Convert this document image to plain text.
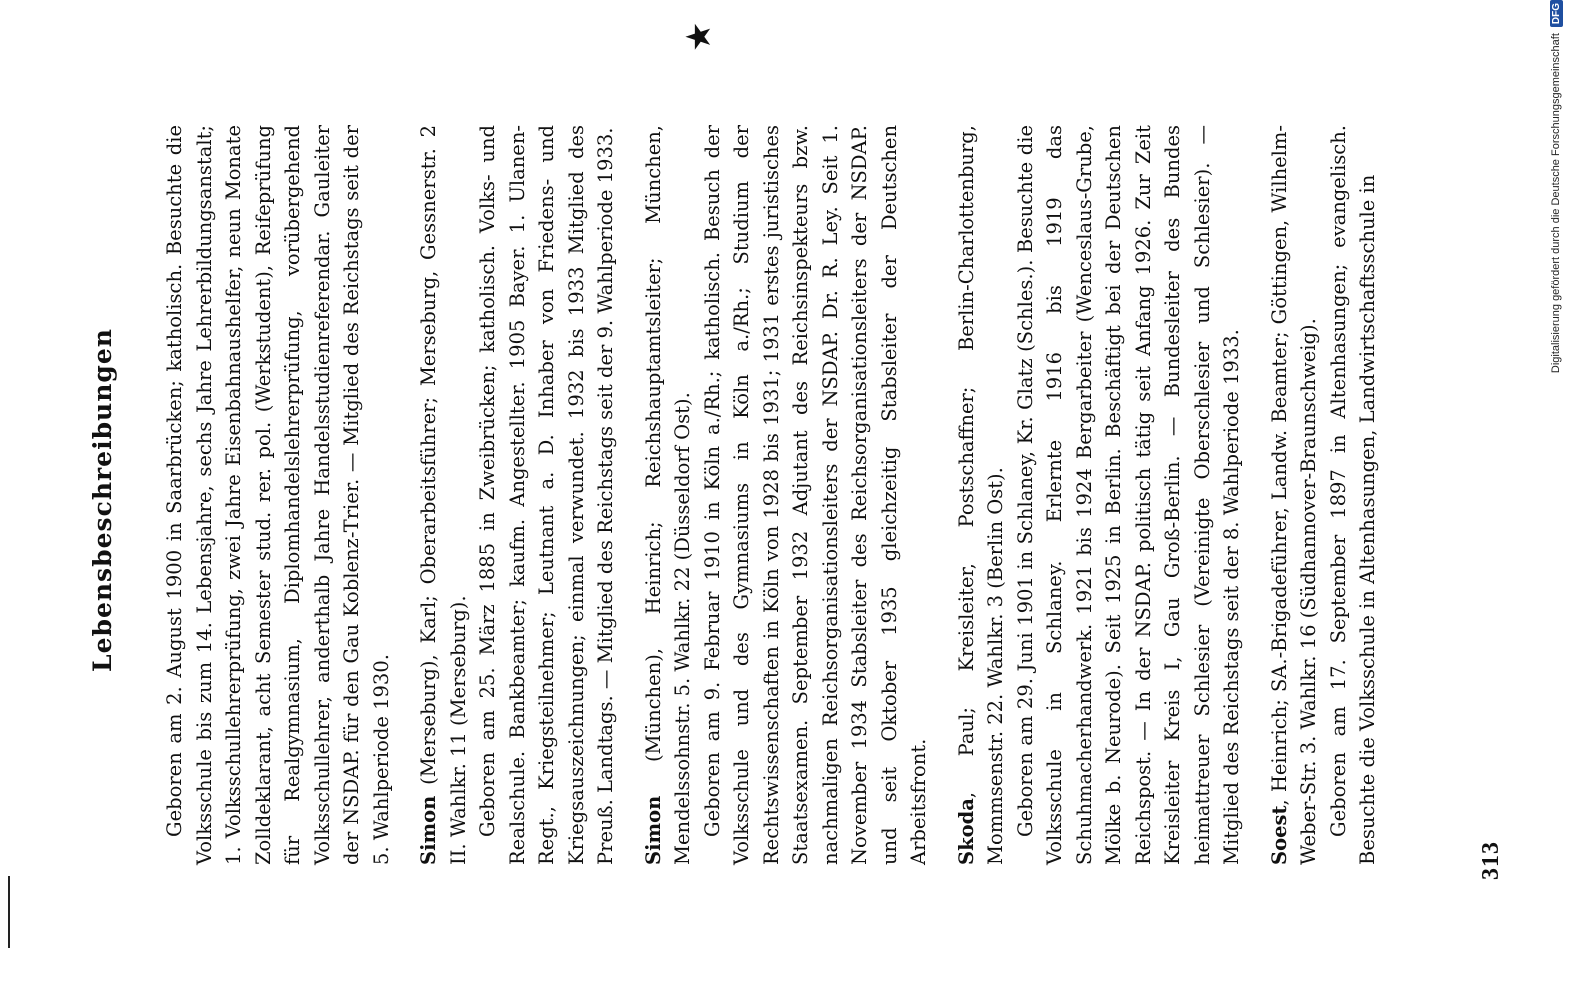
Lebensbeschreibungen
313
★

Geboren am 2. August 1900 in Saarbrücken; katholisch. Besuchte die Volksschule bis zum 14. Lebensjahre, sechs Jahre Lehrerbildungsanstalt; 1. Volksschullehrerprüfung, zwei Jahre Eisenbahnaushelfer, neun Monate Zolldeklarant, acht Semester stud. rer. pol. (Werkstudent), Reifeprüfung für Realgymnasium, Diplomhandelslehrerprüfung, vorübergehend Volksschullehrer, anderthalb Jahre Handelsstudienreferendar. Gauleiter der NSDAP. für den Gau Koblenz-Trier. — Mitglied des Reichstags seit der 5. Wahlperiode 1930. Simon (Merseburg), Karl; Oberarbeitsführer; Merseburg, Gessnerstr. 2 II. Wahlkr. 11 (Merseburg). Geboren am 25. März 1885 in Zweibrücken; katholisch. Volks- und Realschule. Bankbeamter; kaufm. Angestellter. 1905 Bayer. 1. Ulanen-Regt., Kriegsteilnehmer; Leutnant a. D. Inhaber von Friedens- und Kriegsauszeichnungen; einmal verwundet. 1932 bis 1933 Mitglied des Preuß. Landtags. — Mitglied des Reichstags seit der 9. Wahlperiode 1933. Simon (München), Heinrich; Reichshauptamtsleiter; München, Mendelssohnstr. 5. Wahlkr. 22 (Düsseldorf Ost). Geboren am 9. Februar 1910 in Köln a./Rh.; katholisch. Besuch der Volksschule und des Gymnasiums in Köln a./Rh.; Studium der Rechtswissenschaften in Köln von 1928 bis 1931; 1931 erstes juristisches Staatsexamen. September 1932 Adjutant des Reichsinspekteurs bzw. nachmaligen Reichsorganisationsleiters der NSDAP. Dr. R. Ley. Seit 1. November 1934 Stabsleiter des Reichsorganisationsleiters der NSDAP. und seit Oktober 1935 gleichzeitig Stabsleiter der Deutschen Arbeitsfront. Skoda, Paul; Kreisleiter, Postschaffner; Berlin-Charlottenburg, Mommsenstr. 22. Wahlkr. 3 (Berlin Ost). Geboren am 29. Juni 1901 in Schlaney, Kr. Glatz (Schles.). Besuchte die Volksschule in Schlaney. Erlernte 1916 bis 1919 das Schuhmacherhandwerk. 1921 bis 1924 Bergarbeiter (Wenceslaus-Grube, Mölke b. Neurode). Seit 1925 in Berlin. Beschäftigt bei der Deutschen Reichspost. — In der NSDAP. politisch tätig seit Anfang 1926. Zur Zeit Kreisleiter Kreis I, Gau Groß-Berlin. — Bundesleiter des Bundes heimattreuer Schlesier (Vereinigte Oberschlesier und Schlesier). — Mitglied des Reichstags seit der 8. Wahlperiode 1933. Soest, Heinrich; SA.-Brigadeführer, Landw. Beamter; Göttingen, Wilhelm-Weber-Str. 3. Wahlkr. 16 (Südhannover-Braunschweig). Geboren am 17. September 1897 in Altenhasungen; evangelisch. Besuchte die Volksschule in Altenhasungen, Landwirtschaftsschule in	Digitalisierung gefördert durch die Deutsche ForschungsgemeinschaftDFG
